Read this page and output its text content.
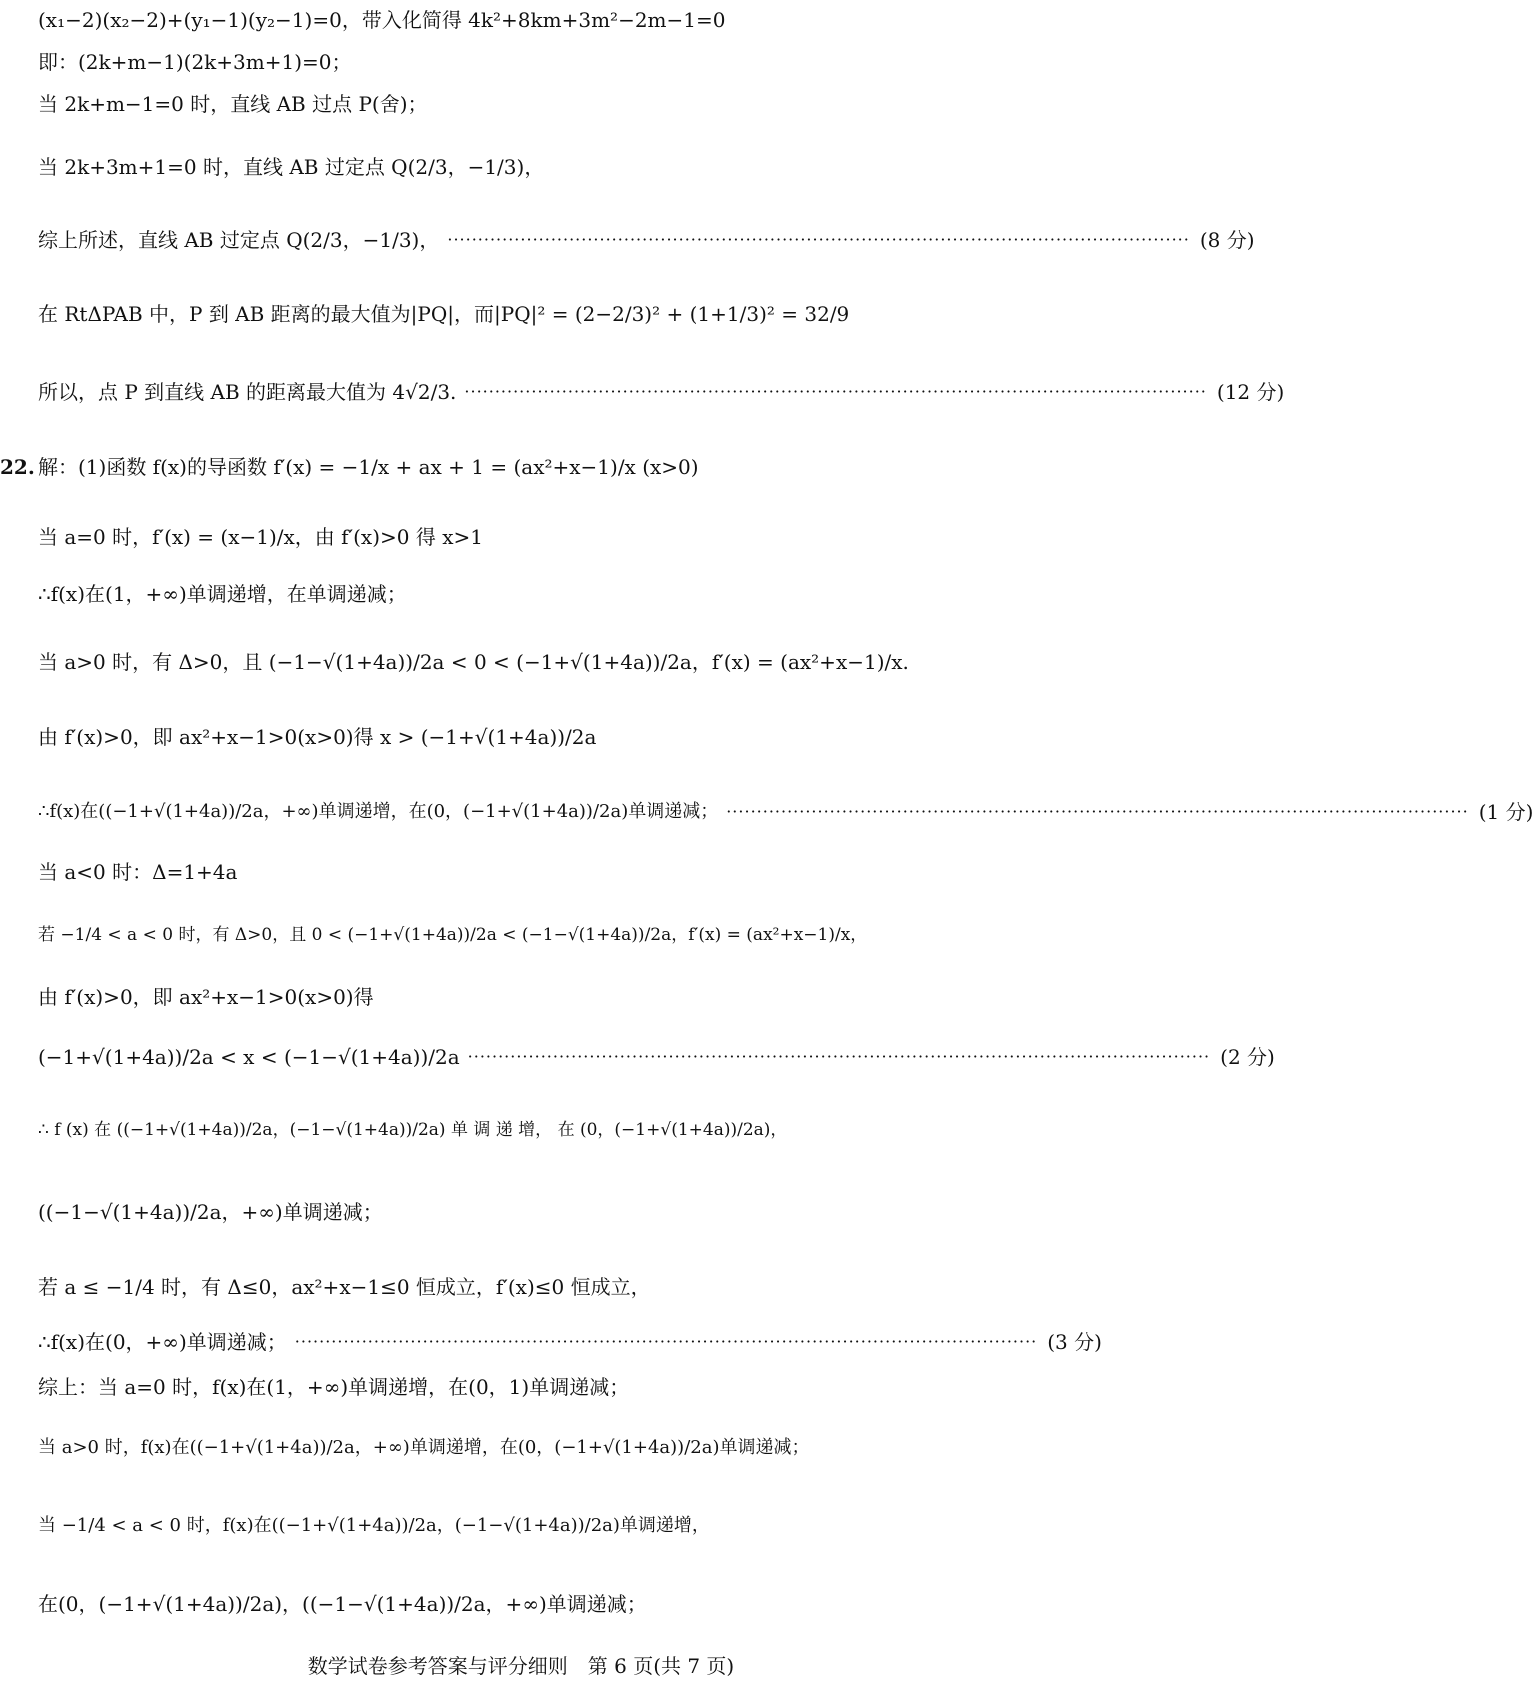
(x₁−2)(x₂−2)+(y₁−1)(y₂−1)=0，带入化简得 4k²+8km+3m²−2m−1=0
即：(2k+m−1)(2k+3m+1)=0；
当 2k+m−1=0 时，直线 AB 过点 P(舍)；
当 2k+3m+1=0 时，直线 AB 过定点 Q(2/3，−1/3)，
综上所述，直线 AB 过定点 Q(2/3，−1/3)， ·························································································································· (8 分)
在 RtΔPAB 中，P 到 AB 距离的最大值为|PQ|，而|PQ|² = (2−2/3)² + (1+1/3)² = 32/9
所以，点 P 到直线 AB 的距离最大值为 4√2/3. ·························································································································· (12 分)
22. 解：(1)函数 f(x)的导函数 f′(x) = −1/x + ax + 1 = (ax²+x−1)/x (x>0)
当 a=0 时，f′(x) = (x−1)/x，由 f′(x)>0 得 x>1
∴f(x)在(1，+∞)单调递增，在单调递减；
当 a>0 时，有 Δ>0，且 (−1−√(1+4a))/2a < 0 < (−1+√(1+4a))/2a，f′(x) = (ax²+x−1)/x.
由 f′(x)>0，即 ax²+x−1>0(x>0)得 x > (−1+√(1+4a))/2a
∴f(x)在((−1+√(1+4a))/2a，+∞)单调递增，在(0，(−1+√(1+4a))/2a)单调递减； ·························································································································· (1 分)
当 a<0 时：Δ=1+4a
若 −1/4 < a < 0 时，有 Δ>0，且 0 < (−1+√(1+4a))/2a < (−1−√(1+4a))/2a，f′(x) = (ax²+x−1)/x，
由 f′(x)>0，即 ax²+x−1>0(x>0)得
(−1+√(1+4a))/2a < x < (−1−√(1+4a))/2a ·························································································································· (2 分)
∴ f (x) 在 ((−1+√(1+4a))/2a，(−1−√(1+4a))/2a) 单 调 递 增， 在 (0，(−1+√(1+4a))/2a)，
((−1−√(1+4a))/2a，+∞)单调递减；
若 a ≤ −1/4 时，有 Δ≤0，ax²+x−1≤0 恒成立，f′(x)≤0 恒成立，
∴f(x)在(0，+∞)单调递减； ·························································································································· (3 分)
综上：当 a=0 时，f(x)在(1，+∞)单调递增，在(0，1)单调递减；
当 a>0 时，f(x)在((−1+√(1+4a))/2a，+∞)单调递增，在(0，(−1+√(1+4a))/2a)单调递减；
当 −1/4 < a < 0 时，f(x)在((−1+√(1+4a))/2a，(−1−√(1+4a))/2a)单调递增，
在(0，(−1+√(1+4a))/2a)，((−1−√(1+4a))/2a，+∞)单调递减；
数学试卷参考答案与评分细则　第 6 页(共 7 页)
